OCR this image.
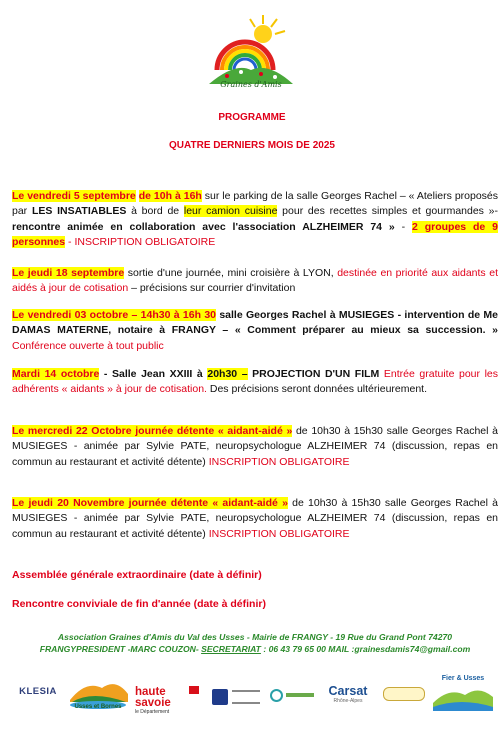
Graines d'Amis
PROGRAMME
QUATRE DERNIERS MOIS DE 2025
Le vendredi 5 septembre de 10h à 16h sur le parking de la salle Georges Rachel – « Ateliers proposés par LES INSATIABLES à bord de leur camion cuisine pour des recettes simples et gourmandes »- rencontre animée en collaboration avec l'association ALZHEIMER 74 » - 2 groupes de 9 personnes - INSCRIPTION OBLIGATOIRE
Le jeudi 18 septembre sortie d'une journée, mini croisière à LYON, destinée en priorité aux aidants et aidés à jour de cotisation – précisions sur courrier d'invitation
Le vendredi 03 octobre – 14h30 à 16h 30 salle Georges Rachel à MUSIEGES - intervention de Me DAMAS MATERNE, notaire à FRANGY – « Comment préparer au mieux sa succession. » Conférence ouverte à tout public
Mardi 14 octobre - Salle Jean XXIII à 20h30 – PROJECTION D'UN FILM Entrée gratuite pour les adhérents « aidants » à jour de cotisation. Des précisions seront données ultérieurement.
Le mercredi 22 Octobre journée détente « aidant-aidé » de 10h30 à 15h30 salle Georges Rachel à MUSIEGES - animée par Sylvie PATE, neuropsychologue ALZHEIMER 74 (discussion, repas en commun au restaurant et activité détente) INSCRIPTION OBLIGATOIRE
Le jeudi 20 Novembre journée détente « aidant-aidé » de 10h30 à 15h30 salle Georges Rachel à MUSIEGES - animée par Sylvie PATE, neuropsychologue ALZHEIMER 74 (discussion, repas en commun au restaurant et activité détente) INSCRIPTION OBLIGATOIRE
Assemblée générale extraordinaire (date à définir)
Rencontre conviviale de fin d'année (date à définir)
Association Graines d'Amis du Val des Usses - Mairie de FRANGY - 19 Rue du Grand Pont 74270
FRANGYPRESIDENT -MARC COUZON- SECRETARIAT : 06 43 79 65 00 MAIL :grainesdamis74@gmail.com
KLESIA
Usses et Bornes
haute savoie
le Département
Carsat
Rhône-Alpes
Fier & Usses
